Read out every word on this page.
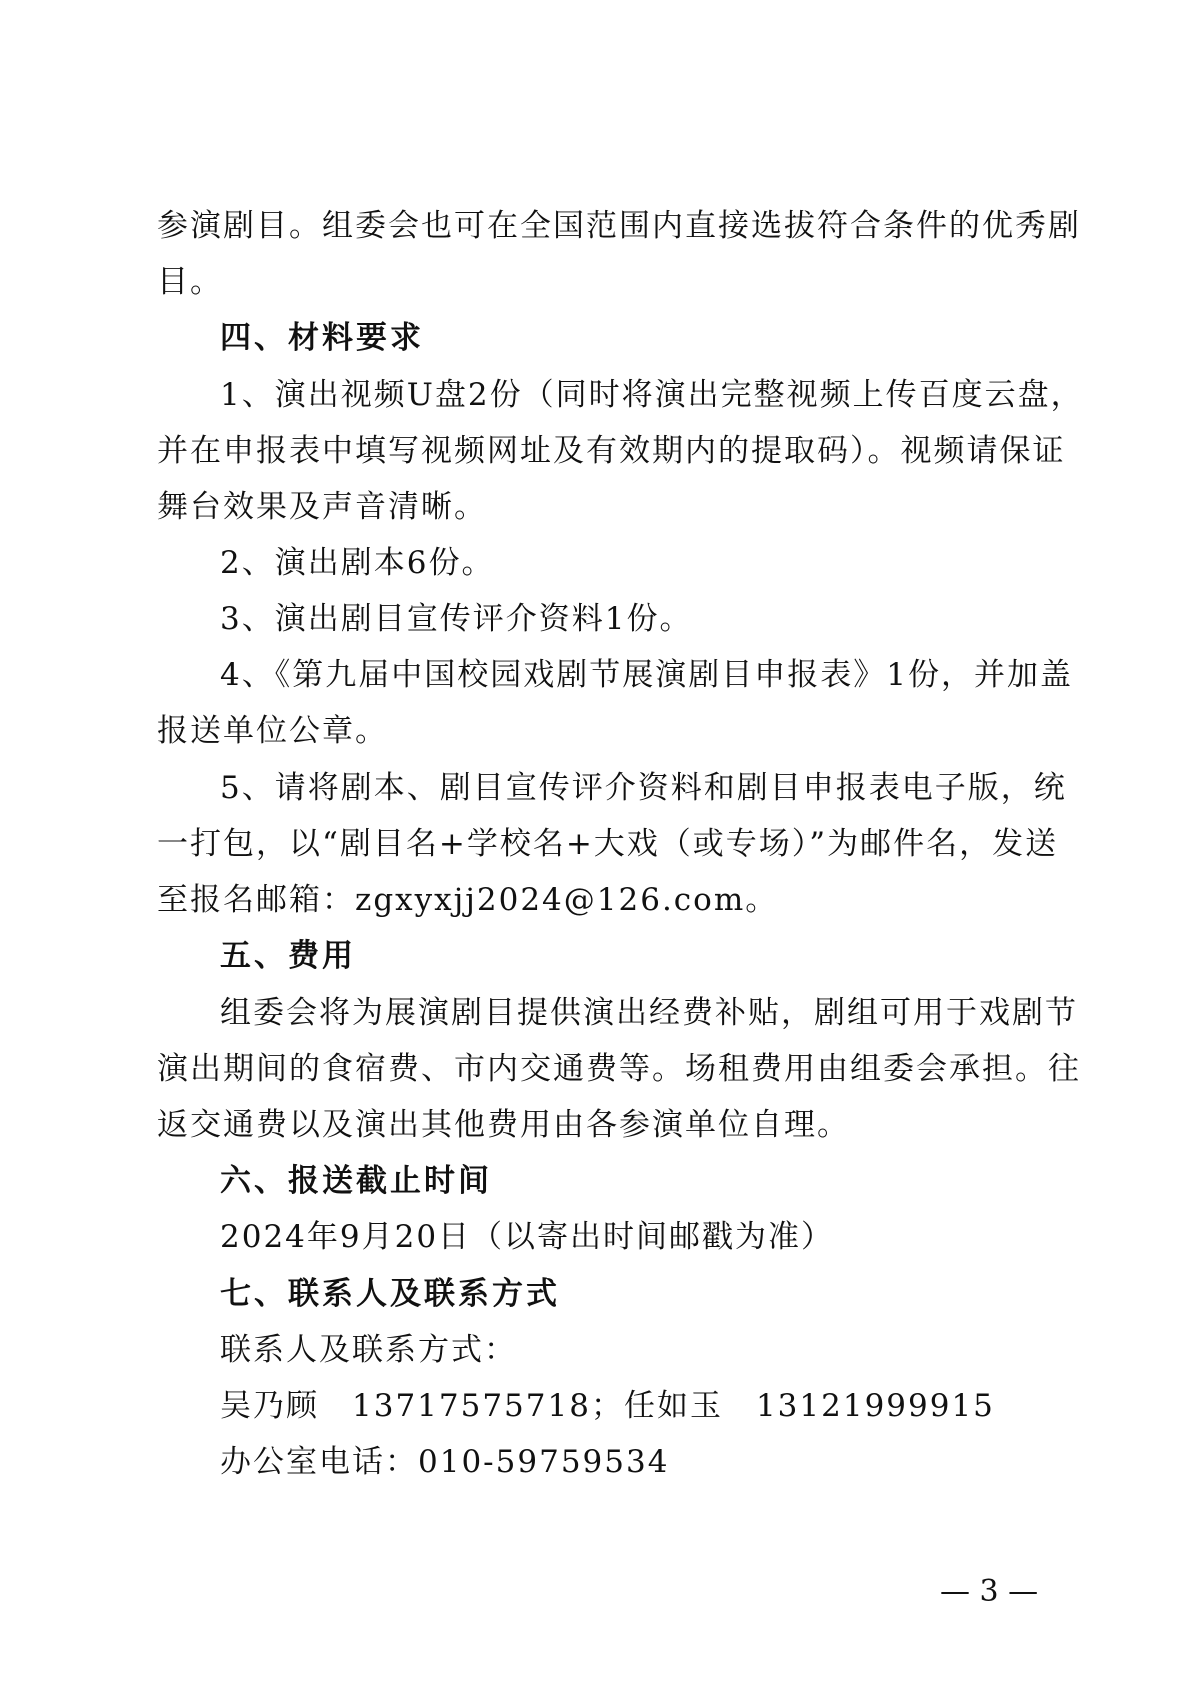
参演剧目。组委会也可在全国范围内直接选拔符合条件的优秀剧
目。
四、材料要求
1、演出视频U盘2份（同时将演出完整视频上传百度云盘，
并在申报表中填写视频网址及有效期内的提取码）。视频请保证
舞台效果及声音清晰。
2、演出剧本6份。
3、演出剧目宣传评介资料1份。
4、《第九届中国校园戏剧节展演剧目申报表》1份，并加盖
报送单位公章。
5、请将剧本、剧目宣传评介资料和剧目申报表电子版，统
一打包，以“剧目名+学校名+大戏（或专场）”为邮件名，发送
至报名邮箱：zgxyxjj2024@126.com。
五、费用
组委会将为展演剧目提供演出经费补贴，剧组可用于戏剧节
演出期间的食宿费、市内交通费等。场租费用由组委会承担。往
返交通费以及演出其他费用由各参演单位自理。
六、报送截止时间
2024年9月20日（以寄出时间邮戳为准）
七、联系人及联系方式
联系人及联系方式：
吴乃顾　13717575718；任如玉　13121999915
办公室电话：010-59759534
— 3 —
